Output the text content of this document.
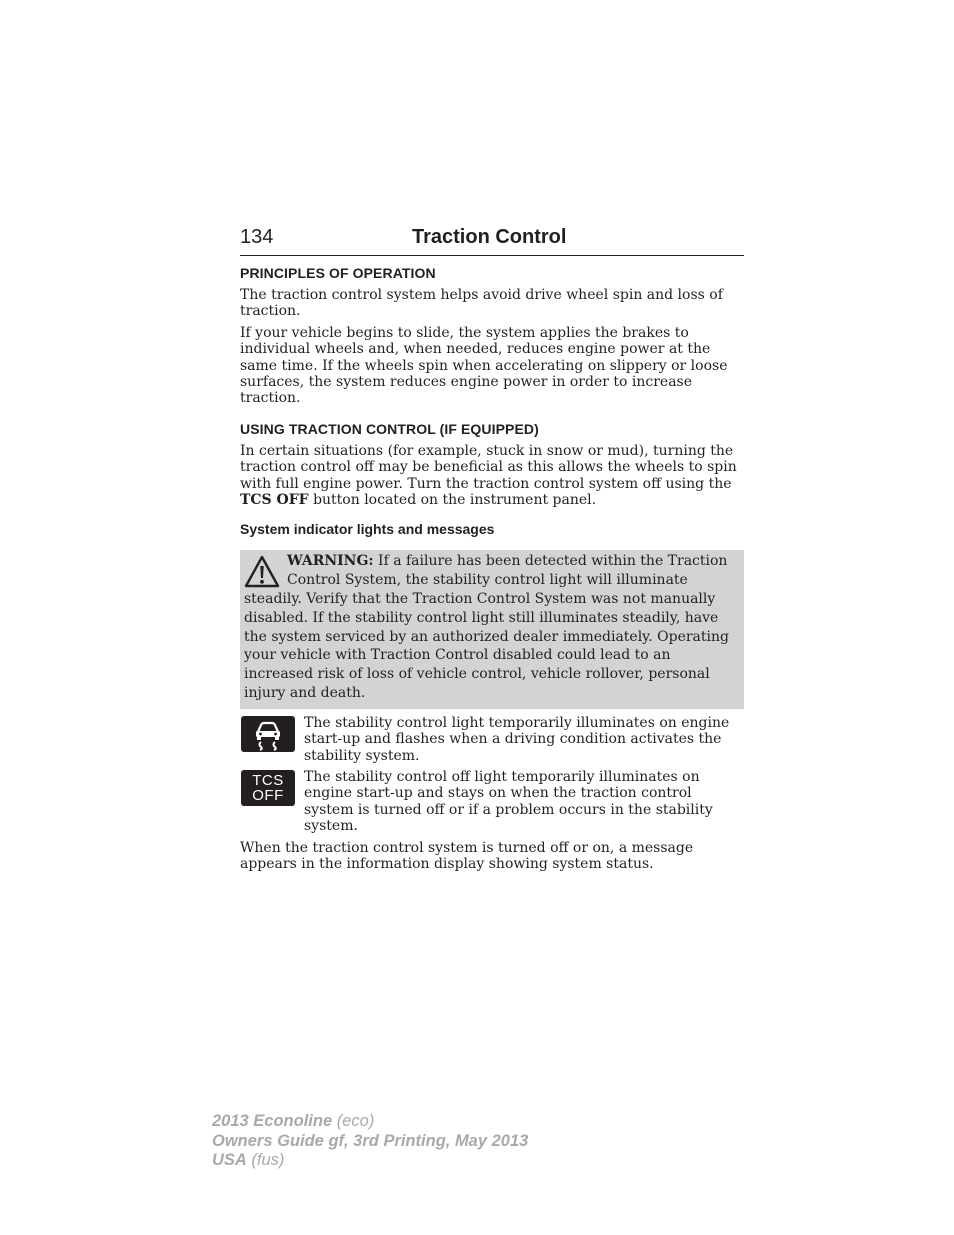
134	Traction Control
PRINCIPLES OF OPERATION

The traction control system helps avoid drive wheel spin and loss of traction.

If your vehicle begins to slide, the system applies the brakes to individual wheels and, when needed, reduces engine power at the same time. If the wheels spin when accelerating on slippery or loose surfaces, the system reduces engine power in order to increase traction.

USING TRACTION CONTROL (IF EQUIPPED)

In certain situations (for example, stuck in snow or mud), turning the traction control off may be beneficial as this allows the wheels to spin with full engine power. Turn the traction control system off using the TCS OFF button located on the instrument panel.

System indicator lights and messages
WARNING: If a failure has been detected within the Traction Control System, the stability control light will illuminate steadily. Verify that the Traction Control System was not manually disabled. If the stability control light still illuminates steadily, have the system serviced by an authorized dealer immediately. Operating your vehicle with Traction Control disabled could lead to an increased risk of loss of vehicle control, vehicle rollover, personal injury and death.

The stability control light temporarily illuminates on engine start-up and flashes when a driving condition activates the stability system.

TCS
OFF

The stability control off light temporarily illuminates on engine start-up and stays on when the traction control system is turned off or if a problem occurs in the stability system.

When the traction control system is turned off or on, a message appears in the information display showing system status.

2013 Econoline (eco)
Owners Guide gf, 3rd Printing, May 2013
USA (fus)
